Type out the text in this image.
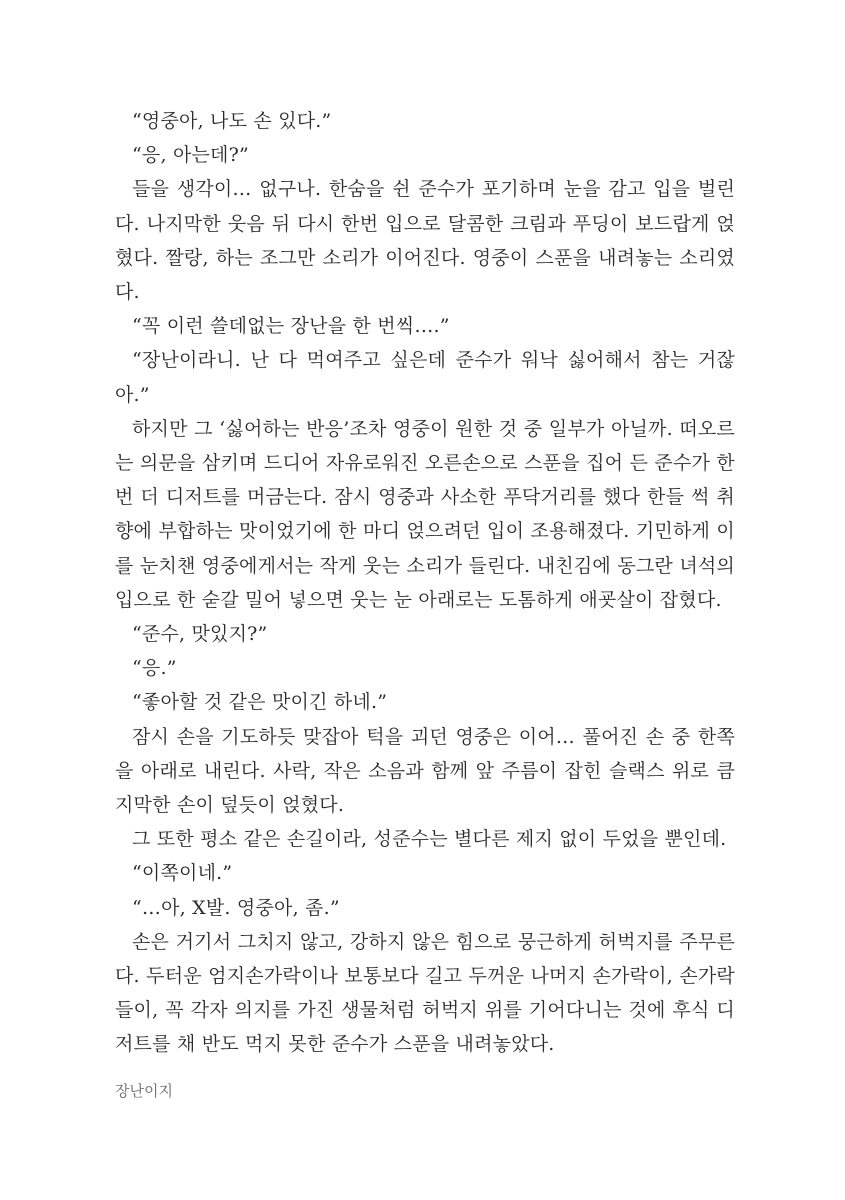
“영중아, 나도 손 있다.”

“응, 아는데?”

들을 생각이… 없구나. 한숨을 쉰 준수가 포기하며 눈을 감고 입을 벌린다. 나지막한 웃음 뒤 다시 한번 입으로 달콤한 크림과 푸딩이 보드랍게 얹혔다. 짤랑, 하는 조그만 소리가 이어진다. 영중이 스푼을 내려놓는 소리였다.

“꼭 이런 쓸데없는 장난을 한 번씩….”

“장난이라니. 난 다 먹여주고 싶은데 준수가 워낙 싫어해서 참는 거잖아.”

하지만 그 ‘싫어하는 반응’조차 영중이 원한 것 중 일부가 아닐까. 떠오르는 의문을 삼키며 드디어 자유로워진 오른손으로 스푼을 집어 든 준수가 한 번 더 디저트를 머금는다. 잠시 영중과 사소한 푸닥거리를 했다 한들 썩 취향에 부합하는 맛이었기에 한 마디 얹으려던 입이 조용해졌다. 기민하게 이를 눈치챈 영중에게서는 작게 웃는 소리가 들린다. 내친김에 동그란 녀석의 입으로 한 숟갈 밀어 넣으면 웃는 눈 아래로는 도톰하게 애굣살이 잡혔다.

“준수, 맛있지?”

“응.”

“좋아할 것 같은 맛이긴 하네.”

잠시 손을 기도하듯 맞잡아 턱을 괴던 영중은 이어… 풀어진 손 중 한쪽을 아래로 내린다. 사락, 작은 소음과 함께 앞 주름이 잡힌 슬랙스 위로 큼지막한 손이 덮듯이 얹혔다.

그 또한 평소 같은 손길이라, 성준수는 별다른 제지 없이 두었을 뿐인데.

“이쪽이네.”

“…아, X발. 영중아, 좀.”

손은 거기서 그치지 않고, 강하지 않은 힘으로 뭉근하게 허벅지를 주무른다. 두터운 엄지손가락이나 보통보다 길고 두꺼운 나머지 손가락이, 손가락들이, 꼭 각자 의지를 가진 생물처럼 허벅지 위를 기어다니는 것에 후식 디저트를 채 반도 먹지 못한 준수가 스푼을 내려놓았다.

장난이지
